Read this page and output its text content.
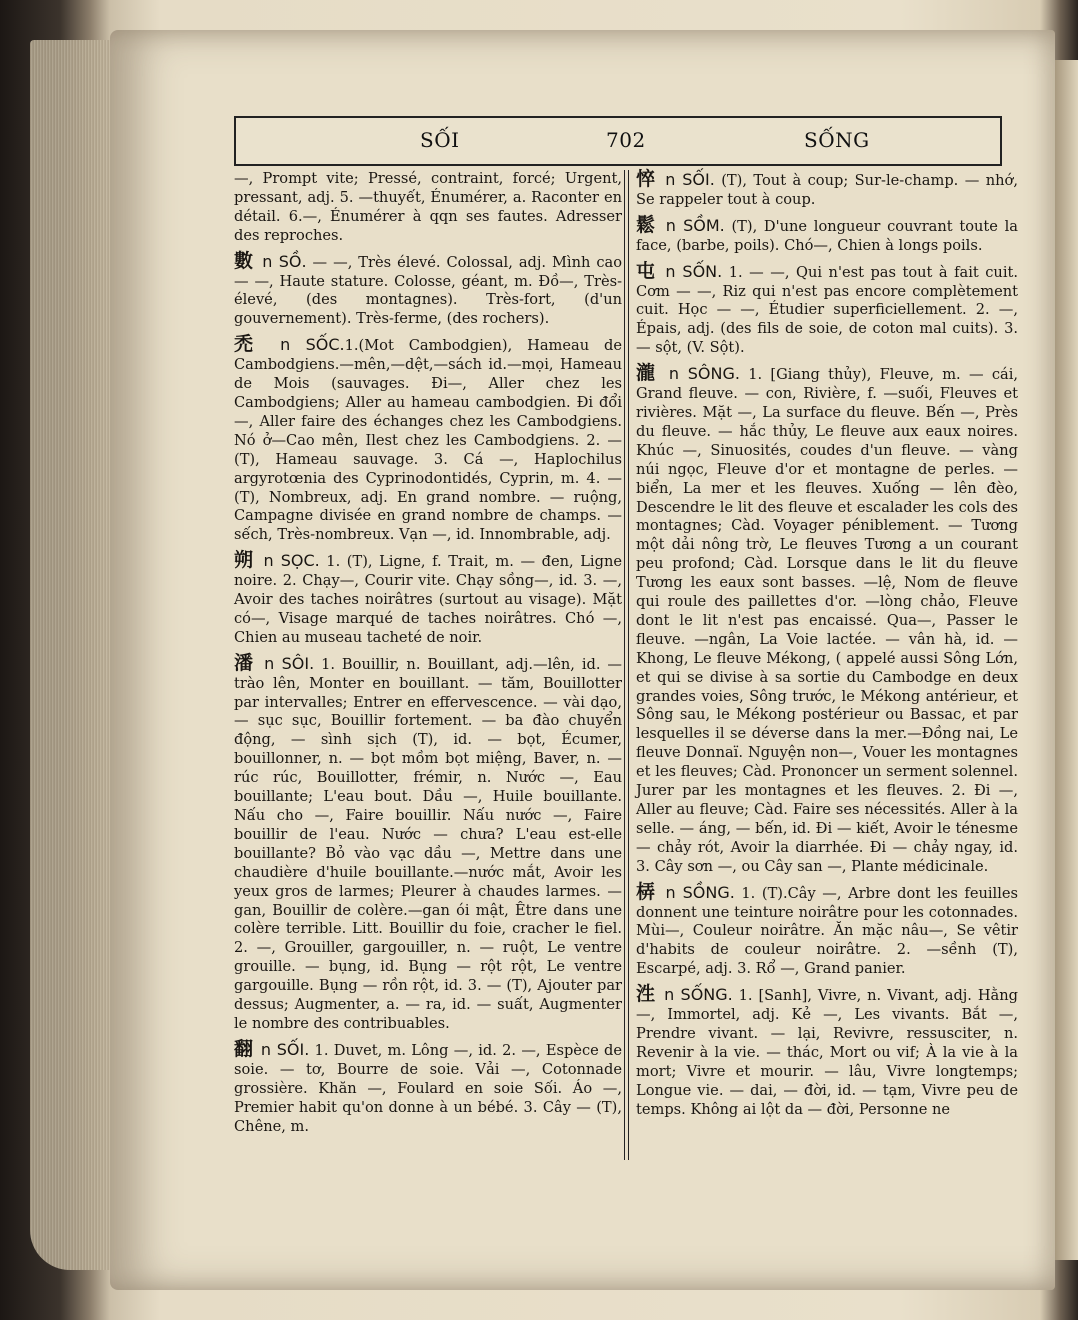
SỐI	702	SỐNG
—, Prompt vite; Pressé, contraint, forcé; Urgent, pressant, adj. 5. —thuyết, Énumérer, a. Raconter en détail. 6.—, Énumérer à qqn ses fautes. Adresser des reproches.
數 n SỒ. — —, Très élevé. Colossal, adj. Mình cao — —, Haute stature. Colosse, géant, m. Đồ—, Très-élevé, (des montagnes). Très-fort, (d'un gouvernement). Très-ferme, (des rochers).
禿 n SỐC.1.(Mot Cambodgien), Hameau de Cambodgiens.—mên,—dệt,—sách id.—mọi, Hameau de Mois (sauvages. Đi—, Aller chez les Cambodgiens; Aller au hameau cambodgien. Đi đổi—, Aller faire des échanges chez les Cambodgiens. Nó ở—Cao mên, Ilest chez les Cambodgiens. 2. —(T), Hameau sauvage. 3. Cá —, Haplochilus argyrotœnia des Cyprinodontidés, Cyprin, m. 4. — (T), Nombreux, adj. En grand nombre. — ruộng, Campagne divisée en grand nombre de champs. —sếch, Très-nombreux. Vạn —, id. Innombrable, adj.
朔 n SỌC. 1. (T), Ligne, f. Trait, m. — đen, Ligne noire. 2. Chạy—, Courir vite. Chạy sồng—, id. 3. —, Avoir des taches noirâtres (surtout au visage). Mặt có—, Visage marqué de taches noirâtres. Chó —, Chien au museau tacheté de noir.
潘 n SÔI. 1. Bouillir, n. Bouillant, adj.—lên, id. — trào lên, Monter en bouillant. — tăm, Bouillotter par intervalles; Entrer en effervescence. — vài dạo, — sục sục, Bouillir fortement. — ba đào chuyển động, — sình sịch (T), id. — bọt, Écumer, bouillonner, n. — bọt mồm bọt miệng, Baver, n. — rúc rúc, Bouillotter, frémir, n. Nước —, Eau bouillante; L'eau bout. Dầu —, Huile bouillante. Nấu cho —, Faire bouillir. Nấu nước —, Faire bouillir de l'eau. Nước — chưa? L'eau est-elle bouillante? Bỏ vào vạc dầu —, Mettre dans une chaudière d'huile bouillante.—nước mắt, Avoir les yeux gros de larmes; Pleurer à chaudes larmes. — gan, Bouillir de colère.—gan ói mật, Être dans une colère terrible. Litt. Bouillir du foie, cracher le fiel. 2. —, Grouiller, gargouiller, n. — ruột, Le ventre grouille. — bụng, id. Bụng — rột rột, Le ventre gargouille. Bụng — rồn rột, id. 3. — (T), Ajouter par dessus; Augmenter, a. — ra, id. — suất, Augmenter le nombre des contribuables.
翻 n SỐI. 1. Duvet, m. Lông —, id. 2. —, Espèce de soie. — tơ, Bourre de soie. Vải —, Cotonnade grossière. Khăn —, Foulard en soie Sối. Áo —, Premier habit qu'on donne à un bébé. 3. Cây — (T), Chêne, m.
悴 n SỐI. (T), Tout à coup; Sur-le-champ. — nhớ, Se rappeler tout à coup.
鬆 n SỒM. (T), D'une longueur couvrant toute la face, (barbe, poils). Chó—, Chien à longs poils.
屯 n SỐN. 1. — —, Qui n'est pas tout à fait cuit. Cơm — —, Riz qui n'est pas encore complètement cuit. Học — —, Étudier superficiellement. 2. —, Épais, adj. (des fils de soie, de coton mal cuits). 3. — sột, (V. Sột).
瀧 n SÔNG. 1. [Giang thủy), Fleuve, m. — cái, Grand fleuve. — con, Rivière, f. —suối, Fleuves et rivières. Mặt —, La surface du fleuve. Bến —, Près du fleuve. — hắc thủy, Le fleuve aux eaux noires. Khúc —, Sinuosités, coudes d'un fleuve. — vàng núi ngọc, Fleuve d'or et montagne de perles. — biển, La mer et les fleuves. Xuống — lên đèo, Descendre le lit des fleuve et escalader les cols des montagnes; Càd. Voyager péniblement. — Tương một dải nông trờ, Le fleuves Tương a un courant peu profond; Càd. Lorsque dans le lit du fleuve Tương les eaux sont basses. —lệ, Nom de fleuve qui roule des paillettes d'or. —lòng chảo, Fleuve dont le lit n'est pas encaissé. Qua—, Passer le fleuve. —ngân, La Voie lactée. — vân hà, id. — Khong, Le fleuve Mékong, ( appelé aussi Sông Lớn, et qui se divise à sa sortie du Cambodge en deux grandes voies, Sông trước, le Mékong antérieur, et Sông sau, le Mékong postérieur ou Bassac, et par lesquelles il se déverse dans la mer.—Đồng nai, Le fleuve Donnaï. Nguyện non—, Vouer les montagnes et les fleuves; Càd. Prononcer un serment solennel. Jurer par les montagnes et les fleuves. 2. Đi —, Aller au fleuve; Càd. Faire ses nécessités. Aller à la selle. — áng, — bến, id. Đi — kiết, Avoir le ténesme — chảy rót, Avoir la diarrhée. Đi — chảy ngay, id. 3. Cây sơn —, ou Cây san —, Plante médicinale.
梇 n SỒNG. 1. (T).Cây —, Arbre dont les feuilles donnent une teinture noirâtre pour les cotonnades. Mùi—, Couleur noirâtre. Ăn mặc nâu—, Se vêtir d'habits de couleur noirâtre. 2. —sềnh (T), Escarpé, adj. 3. Rổ —, Grand panier.
泩 n SỐNG. 1. [Sanh], Vivre, n. Vivant, adj. Hằng —, Immortel, adj. Kẻ —, Les vivants. Bắt —, Prendre vivant. — lại, Revivre, ressusciter, n. Revenir à la vie. — thác, Mort ou vif; À la vie à la mort; Vivre et mourir. — lâu, Vivre longtemps; Longue vie. — dai, — đời, id. — tạm, Vivre peu de temps. Không ai lột da — đời, Personne ne
